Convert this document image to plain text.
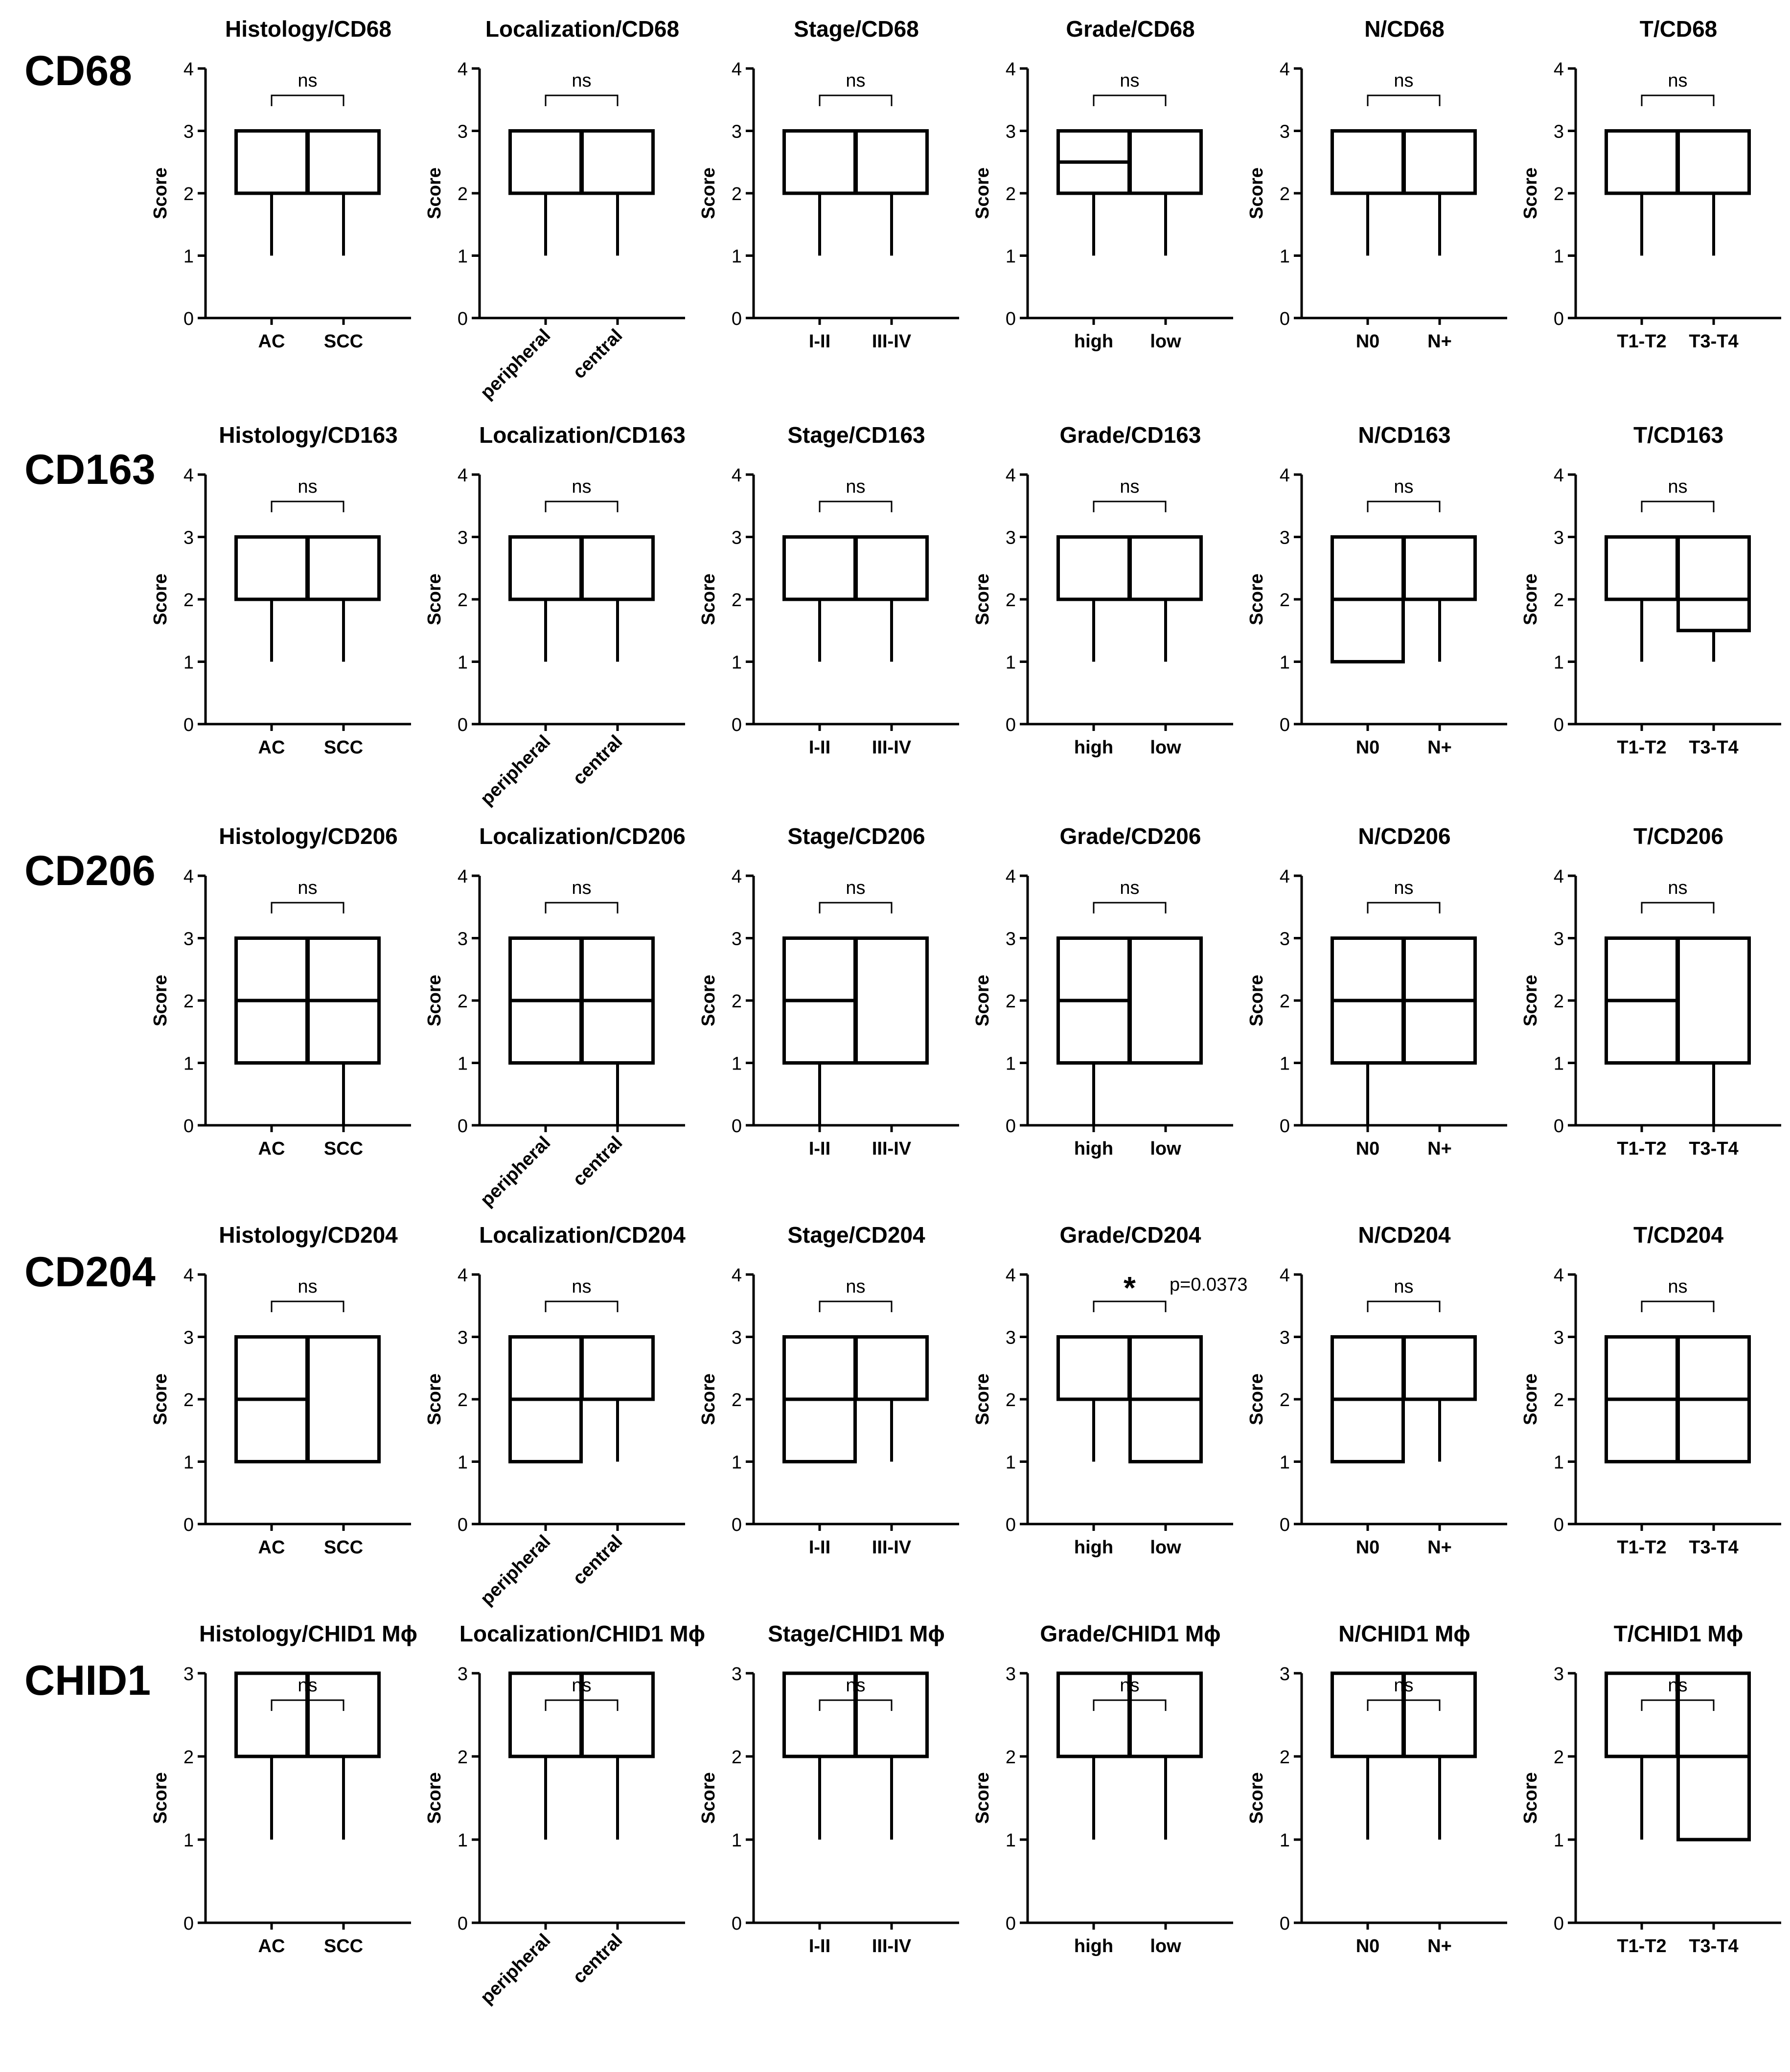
CD68
Histology/CD68
0
1
2
3
4
Score
AC SCC
ns
Localization/CD68
0
1
2
3
4
Score
peripheral central
ns
Stage/CD68
0
1
2
3
4
Score
I-II III-IV
ns
Grade/CD68
0
1
2
3
4
Score
high low
ns
N/CD68
0
1
2
3
4
Score
N0	N+
ns
T/CD68
0
1
2
3
4
Score
T1-T2 T3-T4
ns
CD163
Histology/CD163
0
1
2
3
4
Score
AC SCC
ns
Localization/CD163
0
1
2
3
4
Score
peripheral central
ns
Stage/CD163
0
1
2
3
4
Score
I-II III-IV
ns
Grade/CD163
0
1
2
3
4
Score
high low
ns
N/CD163
0
1
2
3
4
Score
N0	N+
ns
T/CD163
0
1
2
3
4
Score
T1-T2 T3-T4
ns
CD206
Histology/CD206
0
1
2
3
4
Score
AC SCC
ns
Localization/CD206
0
1
2
3
4
Score
peripheral central
ns
Stage/CD206
0
1
2
3
4
Score
I-II III-IV
ns
Grade/CD206
0
1
2
3
4
Score
high low
ns
N/CD206
0
1
2
3
4
Score
N0	N+
ns
T/CD206
0
1
2
3
4
Score
T1-T2 T3-T4
ns
CD204
Histology/CD204
0
1
2
3
4
Score
AC SCC
ns
Localization/CD204
0
1
2
3
4
Score
peripheral central
ns
Stage/CD204
0
1
2
3
4
Score
I-II III-IV
ns
Grade/CD204
0
1
2
3
4
Score
high low
* p=0.0373
N/CD204
0
1
2
3
4
Score
N0	N+
ns
T/CD204
0
1
2
3
4
Score
T1-T2 T3-T4
ns
CHID1
Histology/CHID1 Mϕ
0
1
2
3
Score
AC SCC
ns
Localization/CHID1 Mϕ
0
1
2
3
Score
peripheral central
ns
Stage/CHID1 Mϕ
0
1
2
3
Score
I-II III-IV
ns
Grade/CHID1 Mϕ
0
1
2
3
Score
high low
ns
N/CHID1 Mϕ
0
1
2
3
Score
N0	N+
ns
T/CHID1 Mϕ
0
1
2
3
Score
T1-T2 T3-T4
ns
